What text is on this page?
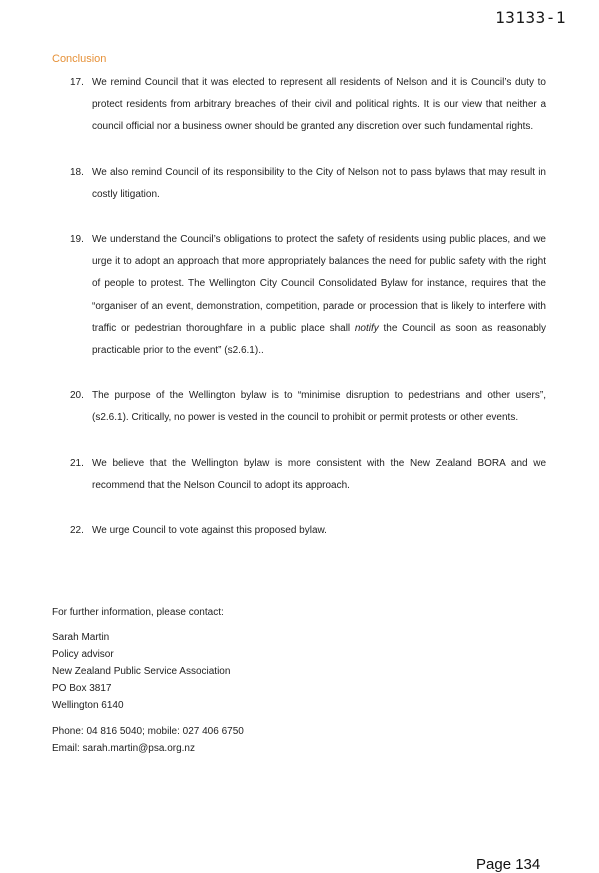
13133-1
Conclusion
17. We remind Council that it was elected to represent all residents of Nelson and it is Council’s duty to protect residents from arbitrary breaches of their civil and political rights. It is our view that neither a council official nor a business owner should be granted any discretion over such fundamental rights.
18. We also remind Council of its responsibility to the City of Nelson not to pass bylaws that may result in costly litigation.
19. We understand the Council’s obligations to protect the safety of residents using public places, and we urge it to adopt an approach that more appropriately balances the need for public safety with the right of people to protest. The Wellington City Council Consolidated Bylaw for instance, requires that the “organiser of an event, demonstration, competition, parade or procession that is likely to interfere with traffic or pedestrian thoroughfare in a public place shall notify the Council as soon as reasonably practicable prior to the event” (s2.6.1)..
20. The purpose of the Wellington bylaw is to “minimise disruption to pedestrians and other users”, (s2.6.1). Critically, no power is vested in the council to prohibit or permit protests or other events.
21. We believe that the Wellington bylaw is more consistent with the New Zealand BORA and we recommend that the Nelson Council to adopt its approach.
22. We urge Council to vote against this proposed bylaw.
For further information, please contact:
Sarah Martin
Policy advisor
New Zealand Public Service Association
PO Box 3817
Wellington 6140
Phone: 04 816 5040; mobile: 027 406 6750
Email: sarah.martin@psa.org.nz
Page 134
